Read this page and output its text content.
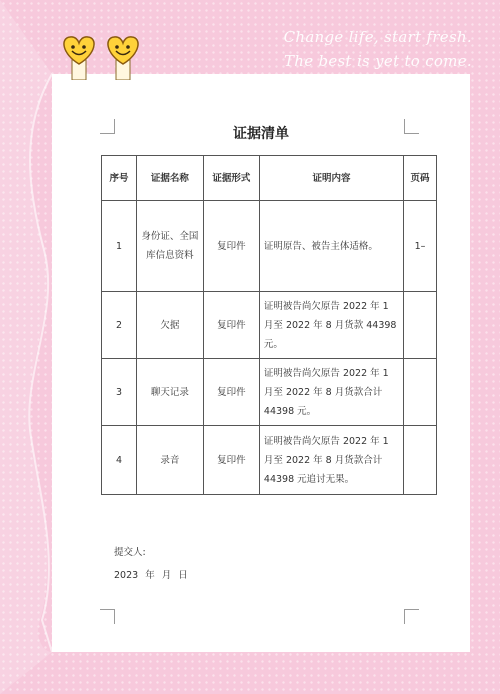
Change life, start fresh.
The best is yet to come.
证据清单
序号	证据名称	证据形式	证明内容	页码
1	身份证、全国库信息资料	复印件	证明原告、被告主体适格。	1–
2	欠据	复印件	证明被告尚欠原告 2022 年 1 月至 2022 年 8 月货款 44398 元。	
3	聊天记录	复印件	证明被告尚欠原告 2022 年 1 月至 2022 年 8 月货款合计 44398 元。	
4	录音	复印件	证明被告尚欠原告 2022 年 1 月至 2022 年 8 月货款合计 44398 元追讨无果。	
提交人:
2023 年 月 日
